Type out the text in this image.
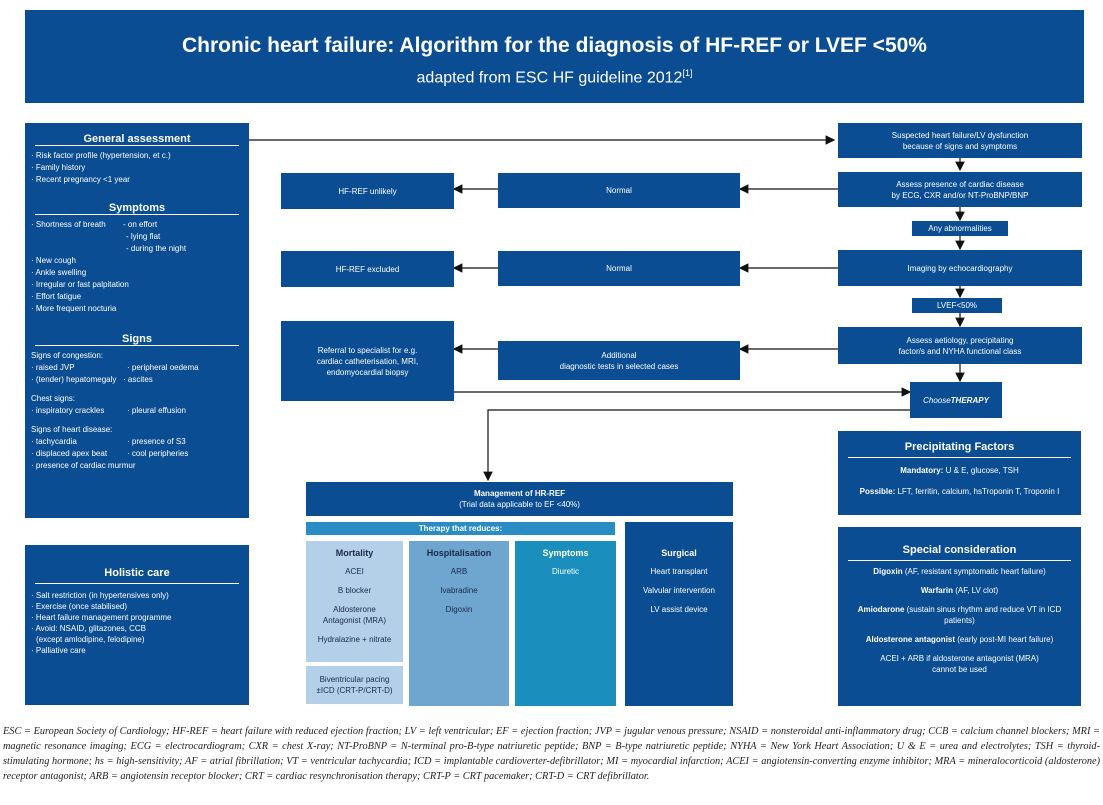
Chronic heart failure: Algorithm for the diagnosis of HF-REF or LVEF <50%
adapted from ESC HF guideline 2012[1]
General assessment
· Risk factor profile (hypertension, et c.)
· Family history
· Recent pregnancy <1 year
Symptoms
· Shortness of breath	- on effort
- lying flat
- during the night
· New cough
· Ankle swelling
· Irregular or fast palpitation
· Effort fatigue
· More frequent nocturia
Signs
Signs of congestion:
· raised JVP
· (tender) hepatomegaly
· peripheral oedema
· ascites
Chest signs:
· inspiratory crackles	· pleural effusion
Signs of heart disease:
· tachycardia
· displaced apex beat
· presence of S3
· cool peripheries
· presence of cardiac murmur
Holistic care
· Salt restriction (in hypertensives only)
· Exercise (once stabilised)
· Heart failure management programme
· Avoid: NSAID, glitazones, CCB
(except amlodipine, felodipine)
· Palliative care
Suspected heart failure/LV dysfunction
because of signs and symptoms
Assess presence of cardiac disease
by ECG, CXR and/or NT-ProBNP/BNP
Any abnormalities
Imaging by echocardiography
LVEF<50%
Assess aetiology, precipitating
factor/s and NYHA functional class
Choose THERAPY
Normal
Normal
Additional
diagnostic tests in selected cases
HF-REF unlikely
HF-REF excluded
Referral to specialist for e.g.
cardiac catheterisation, MRI,
endomyocardial biopsy
Management of HR-REF
(Trial data applicable to EF <40%)
Therapy that reduces:
Mortality
ACEI
B blocker
Aldosterone Antagonist (MRA)
Hydralazine + nitrate
Biventricular pacing
±ICD (CRT-P/CRT-D)
Hospitalisation
ARB
Ivabradine
Digoxin
Symptoms
Diuretic
Surgical
Heart transplant
Valvular intervention
LV assist device
Precipitating Factors
Mandatory: U & E, glucose, TSH
Possible: LFT, ferritin, calcium, hsTroponin T, Troponin I
Special consideration
Digoxin (AF, resistant symptomatic heart failure)
Warfarin (AF, LV clot)
Amiodarone (sustain sinus rhythm and reduce VT in ICD patients)
Aldosterone antagonist (early post-MI heart failure)
ACEI + ARB if aldosterone antagonist (MRA) cannot be used
ESC = European Society of Cardiology; HF-REF = heart failure with reduced ejection fraction; LV = left ventricular; EF = ejection fraction; JVP = jugular venous pressure; NSAID = nonsteroidal anti-inflammatory drug; CCB = calcium channel blockers; MRI = magnetic resonance imaging; ECG = electrocardiogram; CXR = chest X-ray; NT-ProBNP = N-terminal pro-B-type natriuretic peptide; BNP = B-type natriuretic peptide; NYHA = New York Heart Association; U & E = urea and electrolytes; TSH = thyroid-stimulating hormone; hs = high-sensitivity; AF = atrial fibrillation; VT = ventricular tachycardia; ICD = implantable cardioverter-defibrillator; MI = myocardial infarction; ACEI = angiotensin-converting enzyme inhibitor; MRA = mineralocorticoid (aldosterone) receptor antagonist; ARB = angiotensin receptor blocker; CRT = cardiac resynchronisation therapy; CRT-P = CRT pacemaker; CRT-D = CRT defibrillator.
